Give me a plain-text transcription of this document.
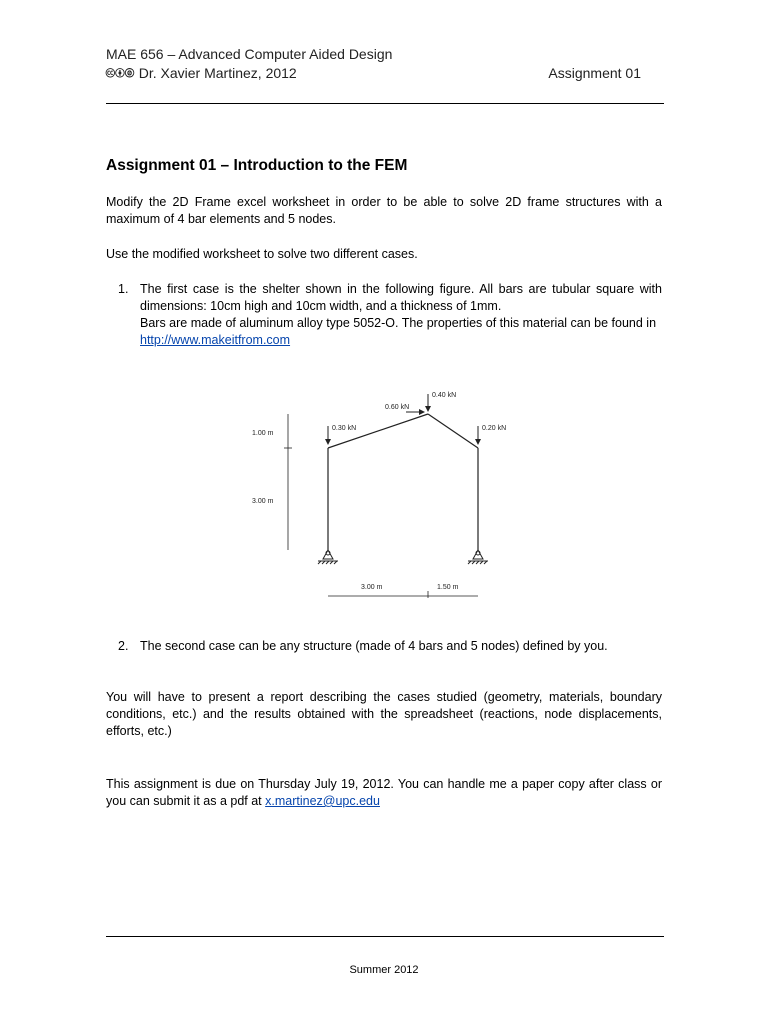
MAE 656 – Advanced Computer Aided Design
🅭🅯🄍 Dr. Xavier Martinez, 2012	Assignment 01
Assignment 01 – Introduction to the FEM
Modify the 2D Frame excel worksheet in order to be able to solve 2D frame structures with a maximum of 4 bar elements and 5 nodes.
Use the modified worksheet to solve two different cases.
1. The first case is the shelter shown in the following figure. All bars are tubular square with dimensions: 10cm high and 10cm width, and a thickness of 1mm.
Bars are made of aluminum alloy type 5052-O. The properties of this material can be found in
http://www.makeitfrom.com
1.00 m
3.00 m
3.00 m	1.50 m
0.40 kN
0.60 kN
0.30 kN	0.20 kN
2. The second case can be any structure (made of 4 bars and 5 nodes) defined by you.
You will have to present a report describing the cases studied (geometry, materials, boundary conditions, etc.) and the results obtained with the spreadsheet (reactions, node displacements, efforts, etc.)
This assignment is due on Thursday July 19, 2012. You can handle me a paper copy after class or you can submit it as a pdf at x.martinez@upc.edu
Summer 2012
